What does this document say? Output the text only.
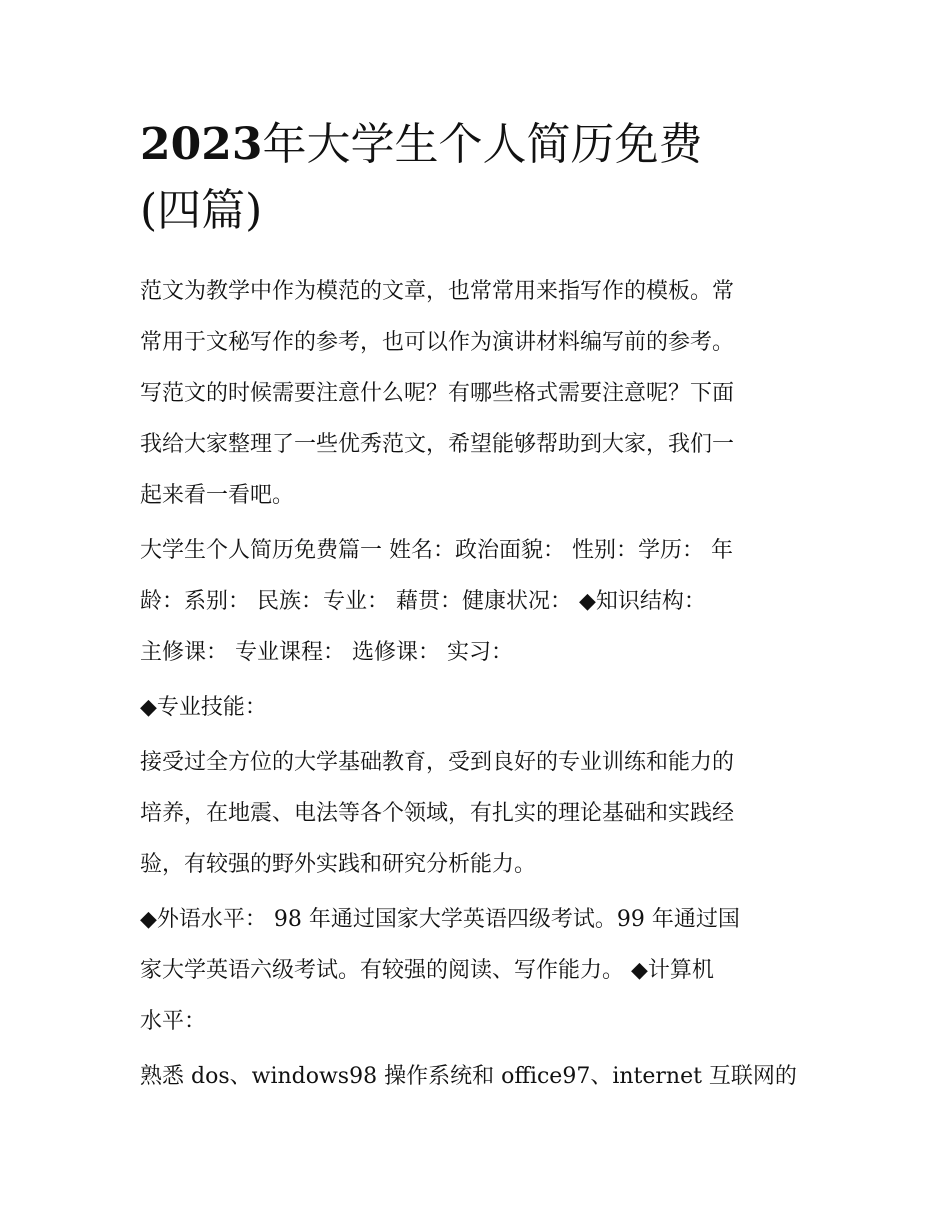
2023年大学生个人简历免费
(四篇)
范文为教学中作为模范的文章，也常常用来指写作的模板。常
常用于文秘写作的参考，也可以作为演讲材料编写前的参考。
写范文的时候需要注意什么呢？有哪些格式需要注意呢？下面
我给大家整理了一些优秀范文，希望能够帮助到大家，我们一
起来看一看吧。
大学生个人简历免费篇一 姓名：政治面貌： 性别：学历： 年
龄：系别： 民族：专业： 藉贯：健康状况： ◆知识结构：
主修课： 专业课程： 选修课： 实习：
◆专业技能：
接受过全方位的大学基础教育，受到良好的专业训练和能力的
培养，在地震、电法等各个领域，有扎实的理论基础和实践经
验，有较强的野外实践和研究分析能力。
◆外语水平： 98 年通过国家大学英语四级考试。99 年通过国
家大学英语六级考试。有较强的阅读、写作能力。 ◆计算机
水平：
熟悉 dos、windows98 操作系统和 office97、internet 互联网的
